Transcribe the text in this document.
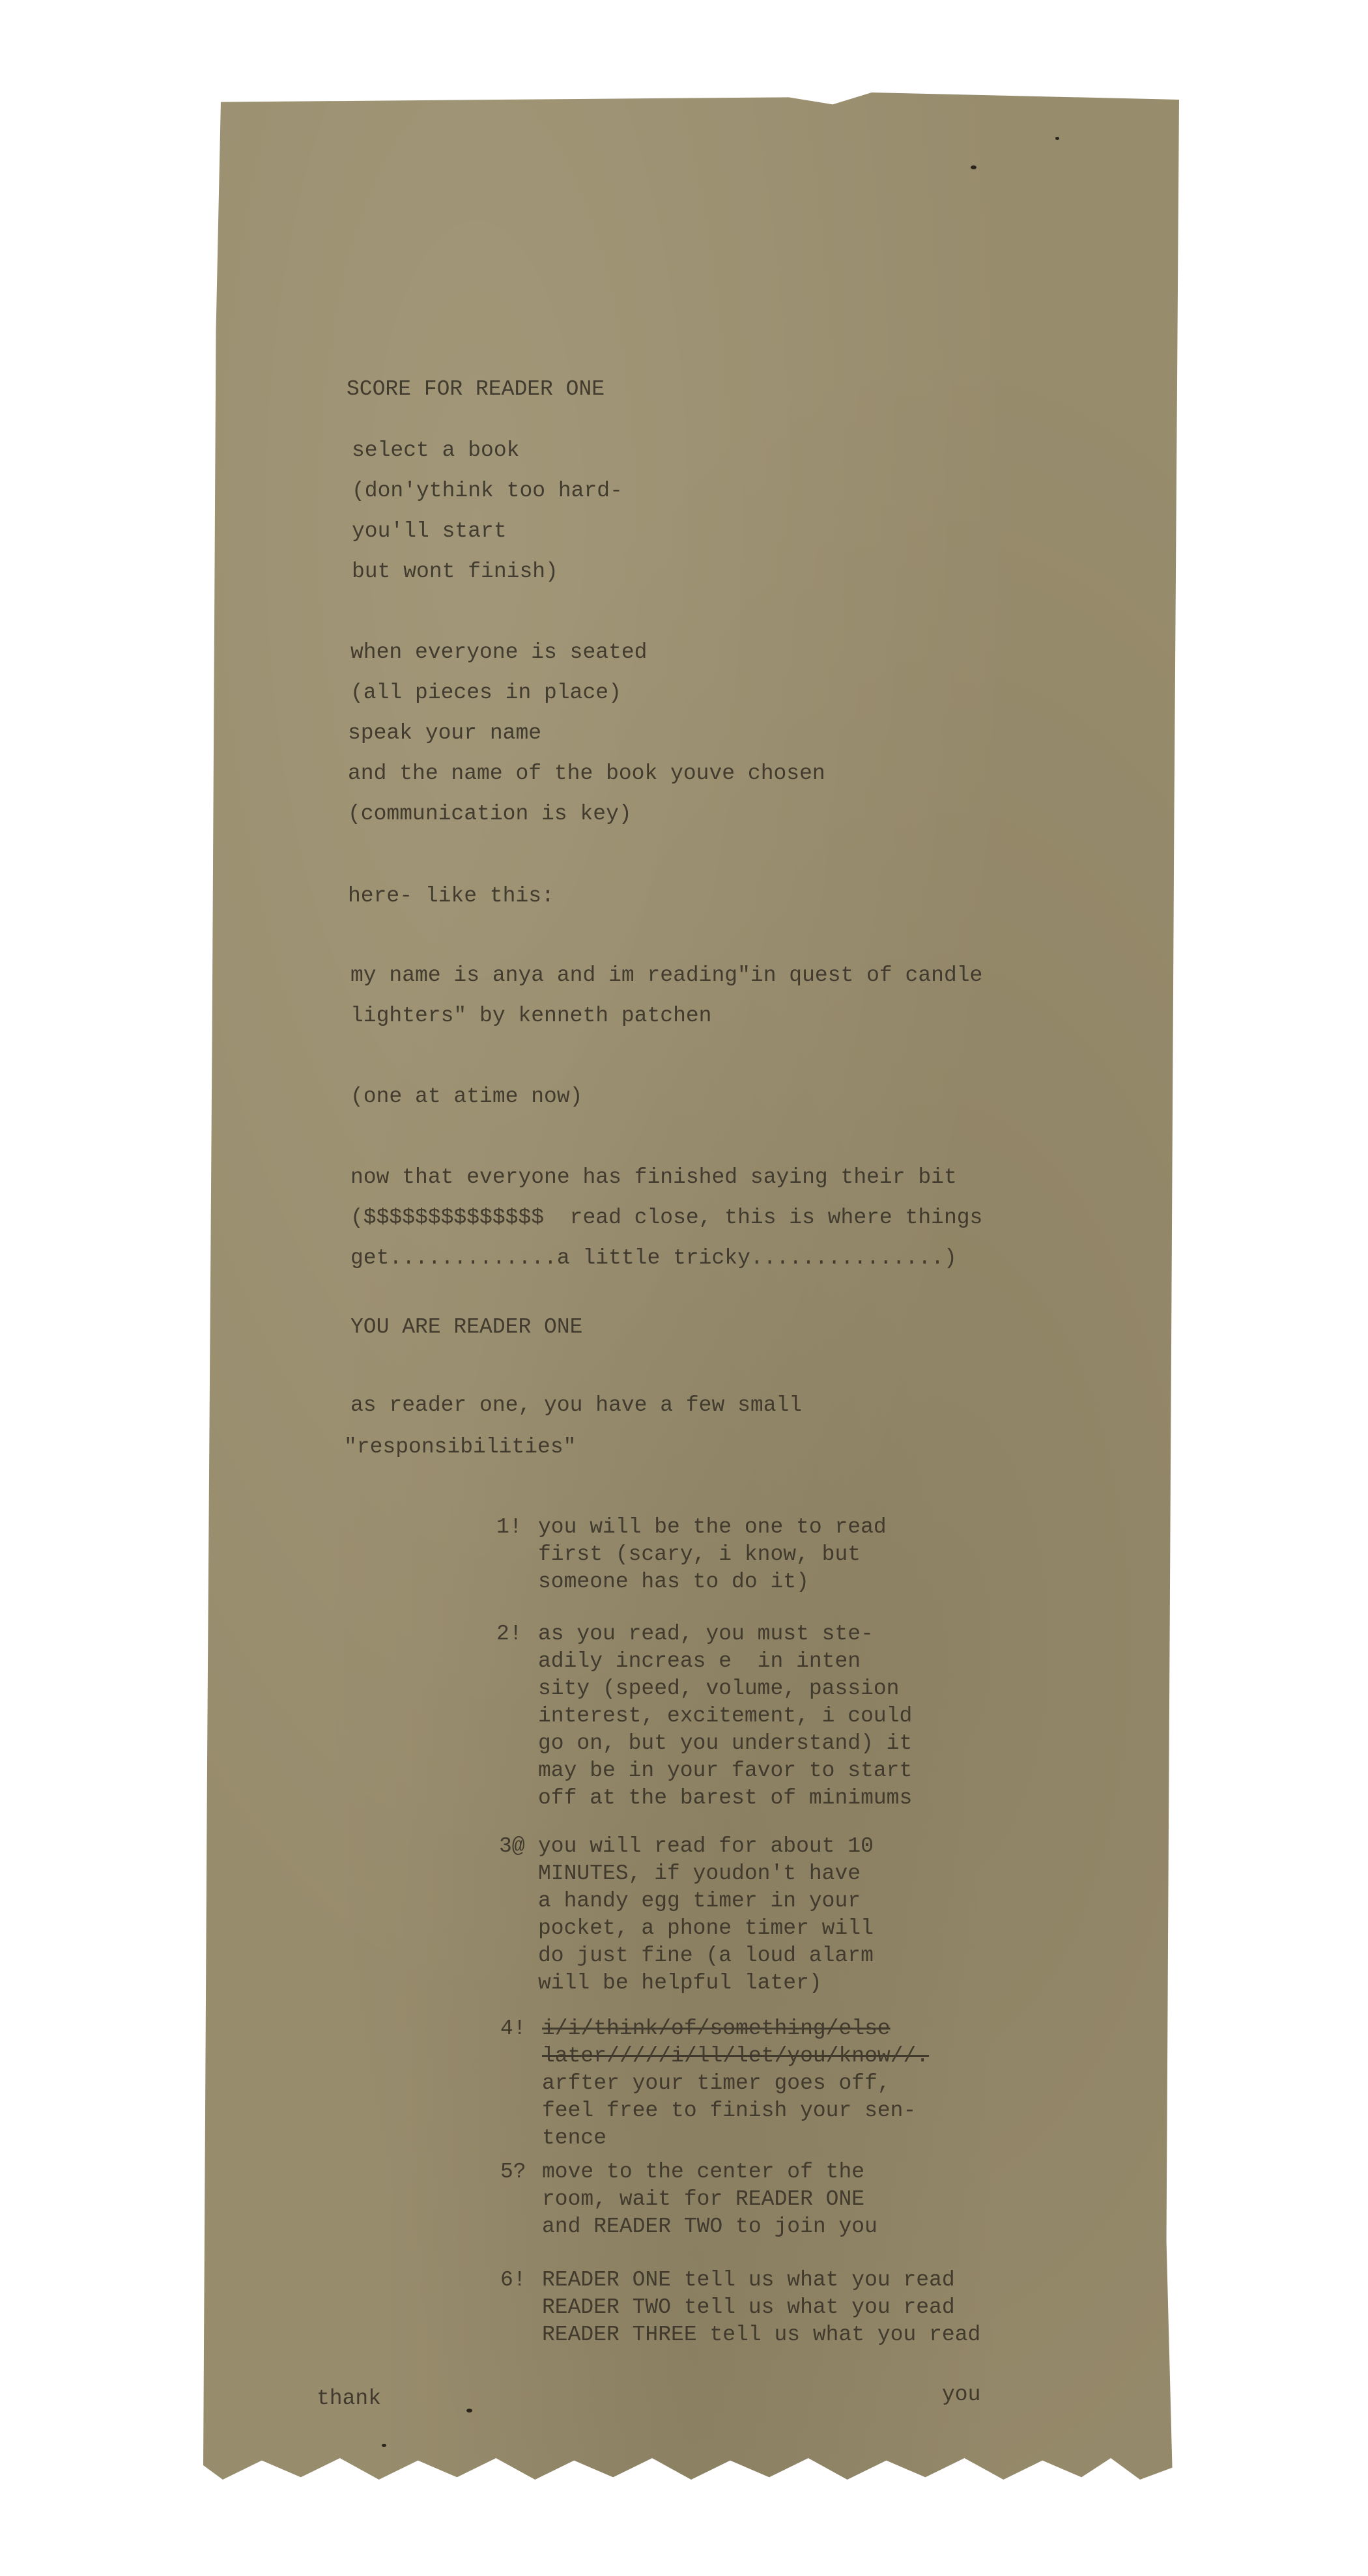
SCORE FOR READER ONE

select a book

(don'ythink too hard-

you'll start

but wont finish)

when everyone is seated

(all pieces in place)

speak your name

and the name of the book youve chosen

(communication is key)

here- like this:

my name is anya and im reading"in quest of candle

lighters" by kenneth patchen

(one at atime now)

now that everyone has finished saying their bit

($$$$$$$$$$$$$$  read close, this is where things

get.............a little tricky...............)

YOU ARE READER ONE

as reader one, you have a few small

"responsibilities"

1! you will be the one to read

first (scary, i know, but

someone has to do it)

2! as you read, you must ste-

adily increas e  in inten

sity (speed, volume, passion

interest, excitement, i could

go on, but you understand) it

may be in your favor to start

off at the barest of minimums

3@ you will read for about 10

MINUTES, if youdon't have

a handy egg timer in your

pocket, a phone timer will

do just fine (a loud alarm

will be helpful later)

4! i/i/think/of/something/else

later/////i/ll/let/you/know//.

arfter your timer goes off,

feel free to finish your sen-

tence

5? move to the center of the

room, wait for READER ONE

and READER TWO to join you

6! READER ONE tell us what you read

READER TWO tell us what you read

READER THREE tell us what you read

thank	you
